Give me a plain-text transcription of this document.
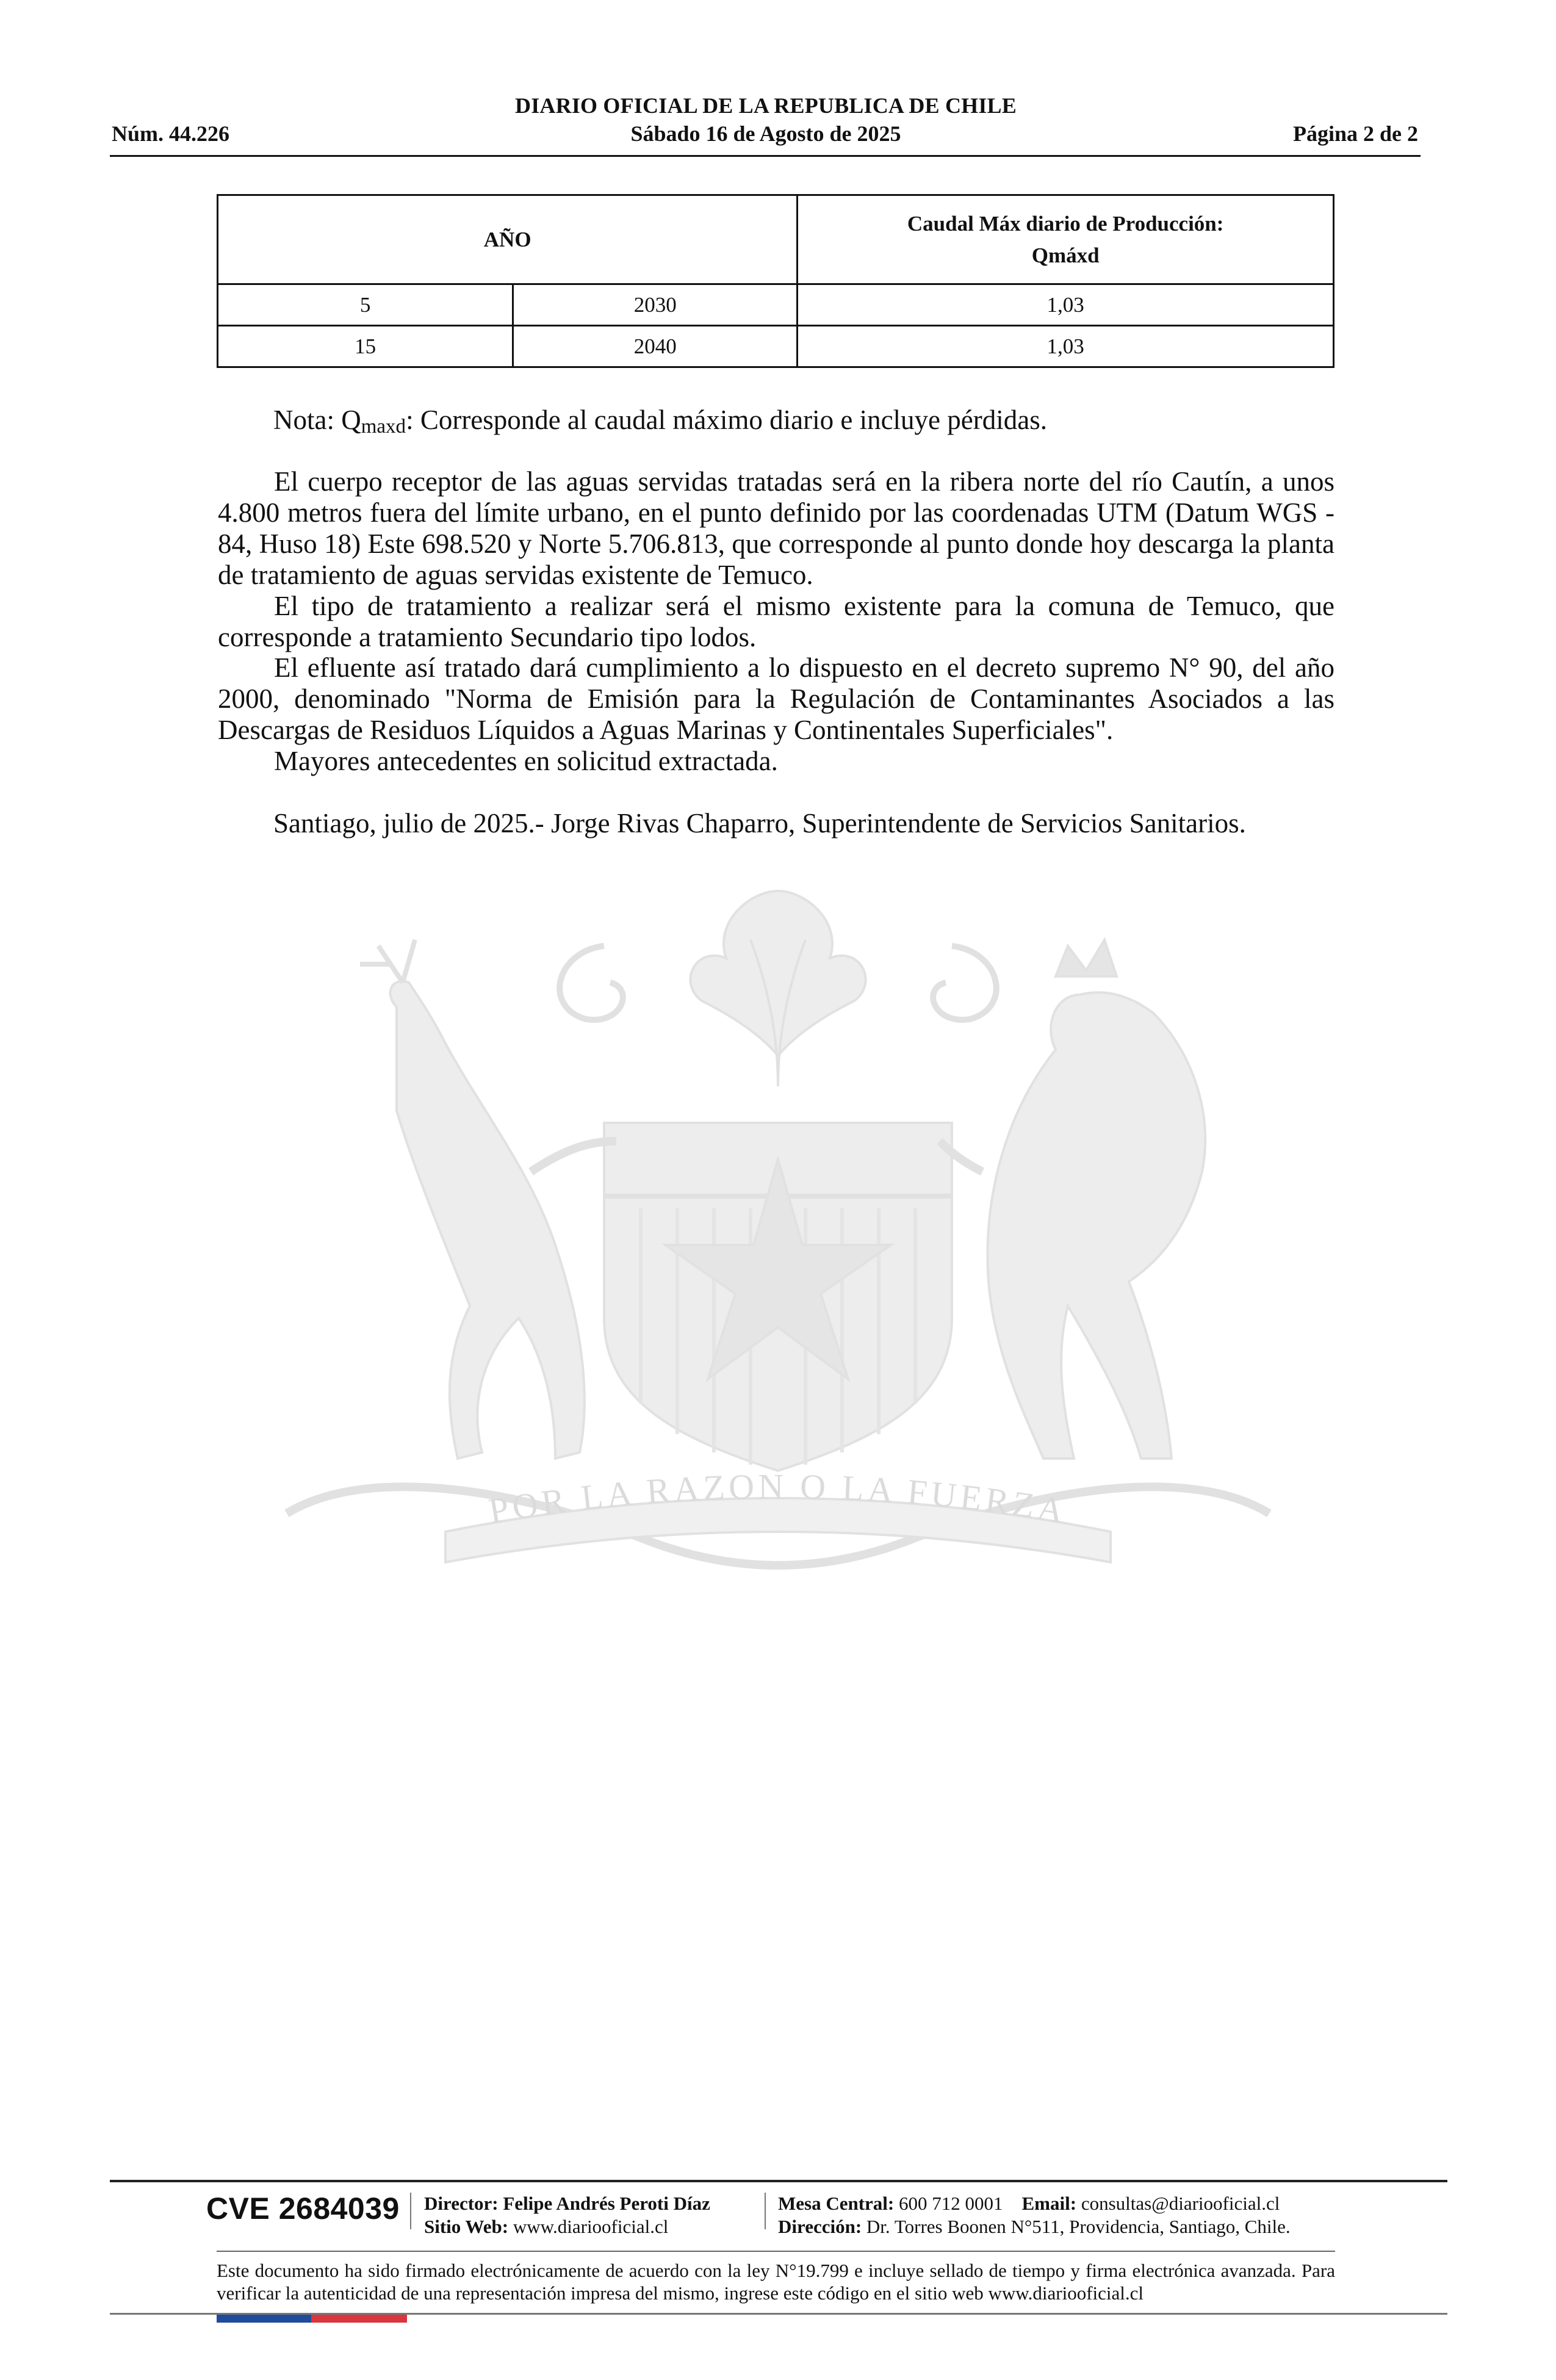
DIARIO OFICIAL DE LA REPUBLICA DE CHILE
Núm. 44.226	Sábado 16 de Agosto de 2025	Página 2 de 2
AÑO		Caudal Máx diario de Producción:
Qmáxd

5	2030	1,03
15	2040	1,03
Nota: $Q_{maxd}$: Corresponde al caudal máximo diario e incluye pérdidas.
El cuerpo receptor de las aguas servidas tratadas será en la ribera norte del río Cautín, a unos 4.800 metros fuera del límite urbano, en el punto definido por las coordenadas UTM (Datum WGS - 84, Huso 18) Este 698.520 y Norte 5.706.813, que corresponde al punto donde hoy descarga la planta de tratamiento de aguas servidas existente de Temuco.
El tipo de tratamiento a realizar será el mismo existente para la comuna de Temuco, que corresponde a tratamiento Secundario tipo lodos.
El efluente así tratado dará cumplimiento a lo dispuesto en el decreto supremo N° 90, del año 2000, denominado "Norma de Emisión para la Regulación de Contaminantes Asociados a las Descargas de Residuos Líquidos a Aguas Marinas y Continentales Superficiales".
Mayores antecedentes en solicitud extractada.
Santiago, julio de 2025.- Jorge Rivas Chaparro, Superintendente de Servicios Sanitarios.
POR LA RAZON O LA FUERZA
CVE 2684039 Director: Felipe Andrés Peroti Díaz
Sitio Web: www.diariooficial.cl
Mesa Central: 600 712 0001 Email: consultas@diariooficial.cl
Dirección: Dr. Torres Boonen N°511, Providencia, Santiago, Chile.
Este documento ha sido firmado electrónicamente de acuerdo con la ley N°19.799 e incluye sellado de tiempo y firma electrónica avanzada. Para verificar la autenticidad de una representación impresa del mismo, ingrese este código en el sitio web www.diariooficial.cl
